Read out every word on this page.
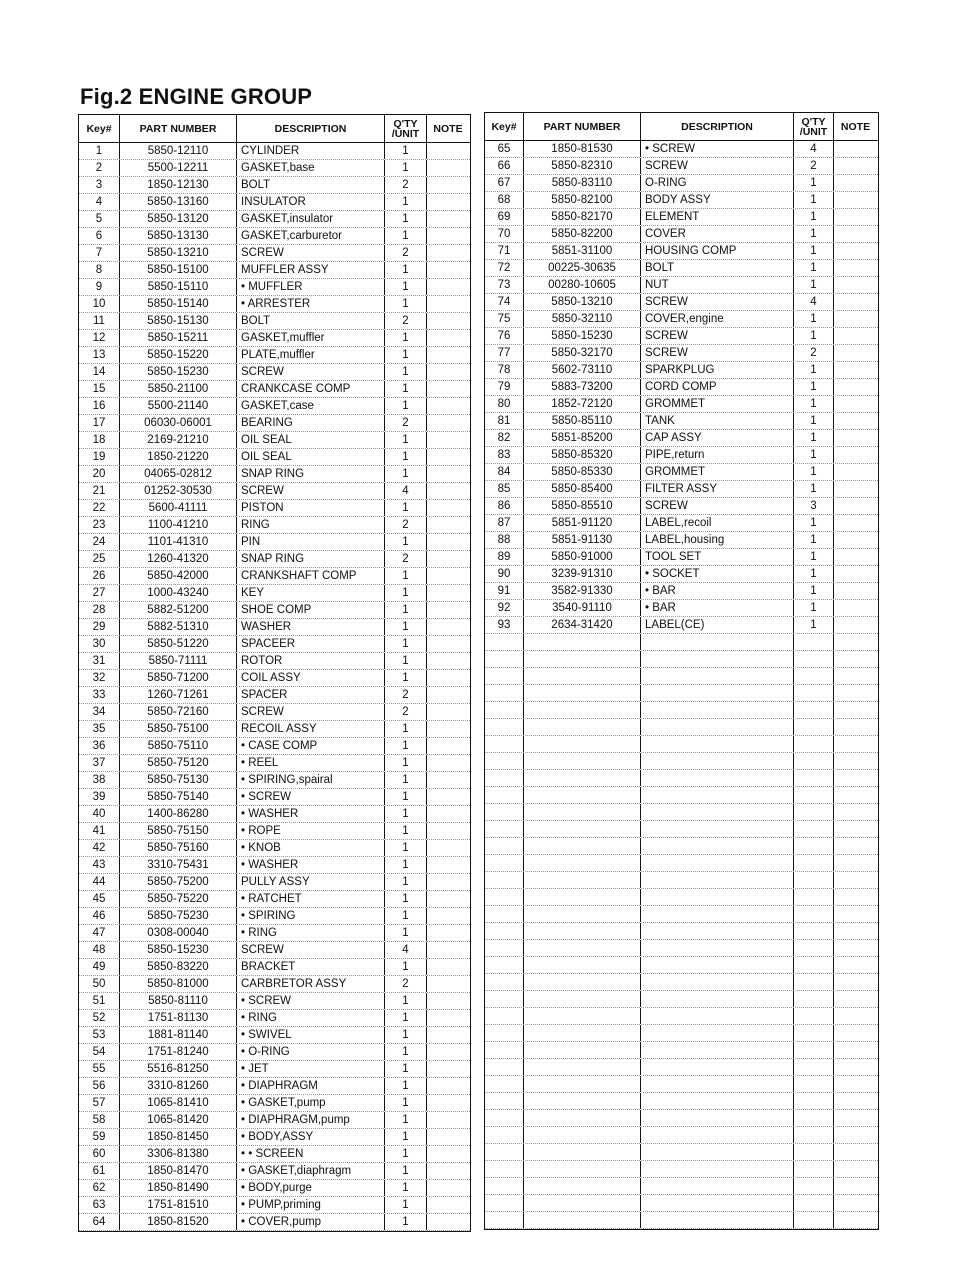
Fig.2 ENGINE GROUP
Key#	PART NUMBER	DESCRIPTION	Q'TY /UNIT	NOTE
1	5850-12110	CYLINDER	1
2	5500-12211	GASKET,base	1
3	1850-12130	BOLT	2
4	5850-13160	INSULATOR	1
5	5850-13120	GASKET,insulator	1
6	5850-13130	GASKET,carburetor	1
7	5850-13210	SCREW	2
8	5850-15100	MUFFLER ASSY	1
9	5850-15110	• MUFFLER	1
10	5850-15140	• ARRESTER	1
11	5850-15130	BOLT	2
12	5850-15211	GASKET,muffler	1
13	5850-15220	PLATE,muffler	1
14	5850-15230	SCREW	1
15	5850-21100	CRANKCASE COMP	1
16	5500-21140	GASKET,case	1
17	06030-06001	BEARING	2
18	2169-21210	OIL SEAL	1
19	1850-21220	OIL SEAL	1
20	04065-02812	SNAP RING	1
21	01252-30530	SCREW	4
22	5600-41111	PISTON	1
23	1100-41210	RING	2
24	1101-41310	PIN	1
25	1260-41320	SNAP RING	2
26	5850-42000	CRANKSHAFT COMP	1
27	1000-43240	KEY	1
28	5882-51200	SHOE COMP	1
29	5882-51310	WASHER	1
30	5850-51220	SPACEER	1
31	5850-71111	ROTOR	1
32	5850-71200	COIL ASSY	1
33	1260-71261	SPACER	2
34	5850-72160	SCREW	2
35	5850-75100	RECOIL ASSY	1
36	5850-75110	• CASE COMP	1
37	5850-75120	• REEL	1
38	5850-75130	• SPIRING,spairal	1
39	5850-75140	• SCREW	1
40	1400-86280	• WASHER	1
41	5850-75150	• ROPE	1
42	5850-75160	• KNOB	1
43	3310-75431	• WASHER	1
44	5850-75200	PULLY ASSY	1
45	5850-75220	• RATCHET	1
46	5850-75230	• SPIRING	1
47	0308-00040	• RING	1
48	5850-15230	SCREW	4
49	5850-83220	BRACKET	1
50	5850-81000	CARBRETOR ASSY	2
51	5850-81110	• SCREW	1
52	1751-81130	• RING	1
53	1881-81140	• SWIVEL	1
54	1751-81240	• O-RING	1
55	5516-81250	• JET	1
56	3310-81260	• DIAPHRAGM	1
57	1065-81410	• GASKET,pump	1
58	1065-81420	• DIAPHRAGM,pump	1
59	1850-81450	• BODY,ASSY	1
60	3306-81380	• • SCREEN	1
61	1850-81470	• GASKET,diaphragm	1
62	1850-81490	• BODY,purge	1
63	1751-81510	• PUMP,priming	1
64	1850-81520	• COVER,pump	1
Key#	PART NUMBER	DESCRIPTION	Q'TY /UNIT	NOTE
65	1850-81530	• SCREW	4
66	5850-82310	SCREW	2
67	5850-83110	O-RING	1
68	5850-82100	BODY ASSY	1
69	5850-82170	ELEMENT	1
70	5850-82200	COVER	1
71	5851-31100	HOUSING COMP	1
72	00225-30635	BOLT	1
73	00280-10605	NUT	1
74	5850-13210	SCREW	4
75	5850-32110	COVER,engine	1
76	5850-15230	SCREW	1
77	5850-32170	SCREW	2
78	5602-73110	SPARKPLUG	1
79	5883-73200	CORD COMP	1
80	1852-72120	GROMMET	1
81	5850-85110	TANK	1
82	5851-85200	CAP ASSY	1
83	5850-85320	PIPE,return	1
84	5850-85330	GROMMET	1
85	5850-85400	FILTER ASSY	1
86	5850-85510	SCREW	3
87	5851-91120	LABEL,recoil	1
88	5851-91130	LABEL,housing	1
89	5850-91000	TOOL SET	1
90	3239-91310	• SOCKET	1
91	3582-91330	• BAR	1
92	3540-91110	• BAR	1
93	2634-31420	LABEL(CE)	1
